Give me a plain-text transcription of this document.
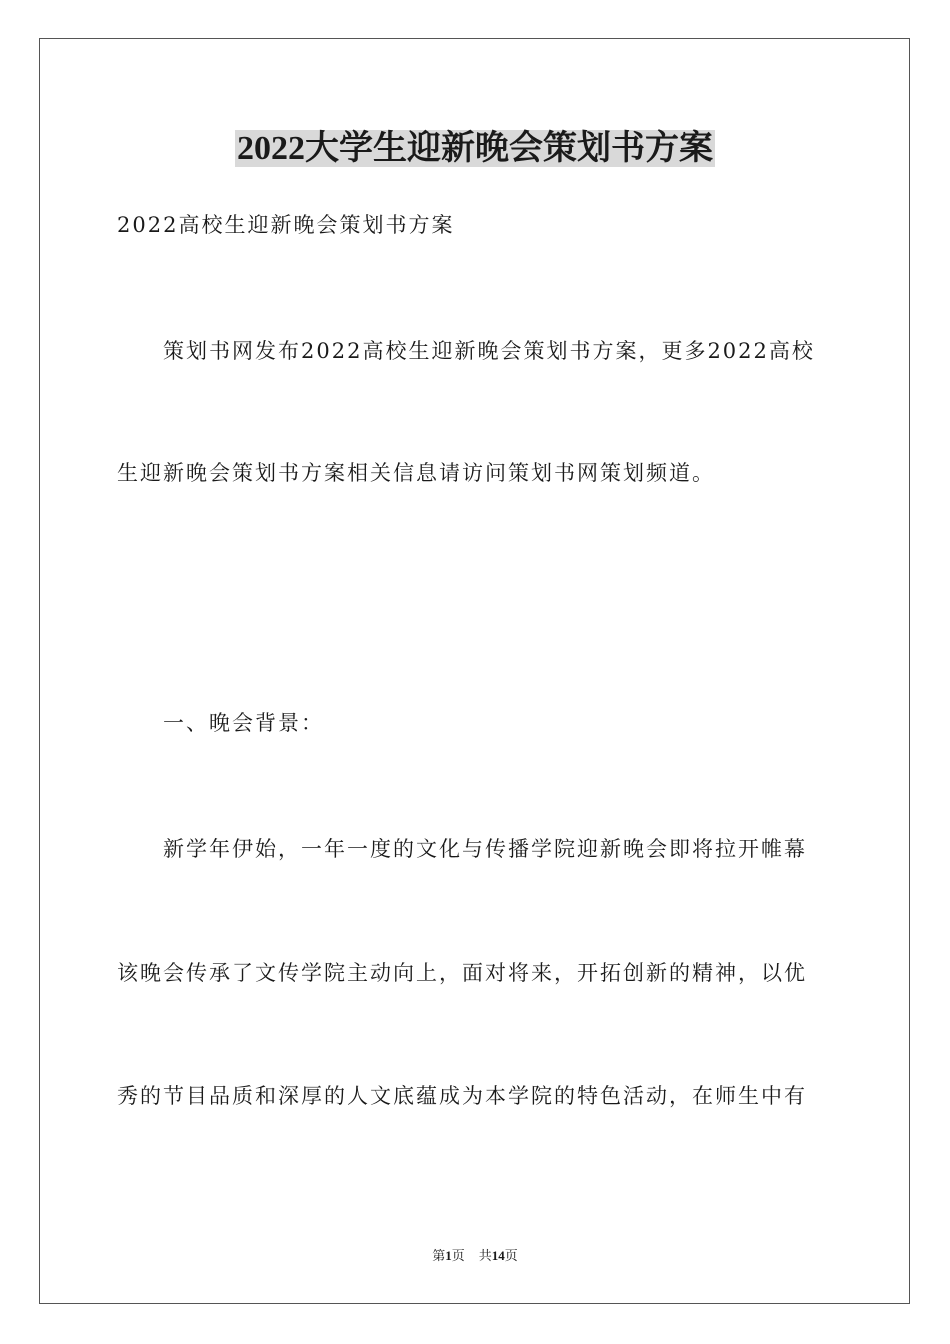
2022大学生迎新晚会策划书方案
2022高校生迎新晚会策划书方案
策划书网发布2022高校生迎新晚会策划书方案，更多2022高校
生迎新晚会策划书方案相关信息请访问策划书网策划频道。
一、晚会背景：
新学年伊始，一年一度的文化与传播学院迎新晚会即将拉开帷幕
该晚会传承了文传学院主动向上，面对将来，开拓创新的精神，以优
秀的节目品质和深厚的人文底蕴成为本学院的特色活动，在师生中有
第1页 共14页
